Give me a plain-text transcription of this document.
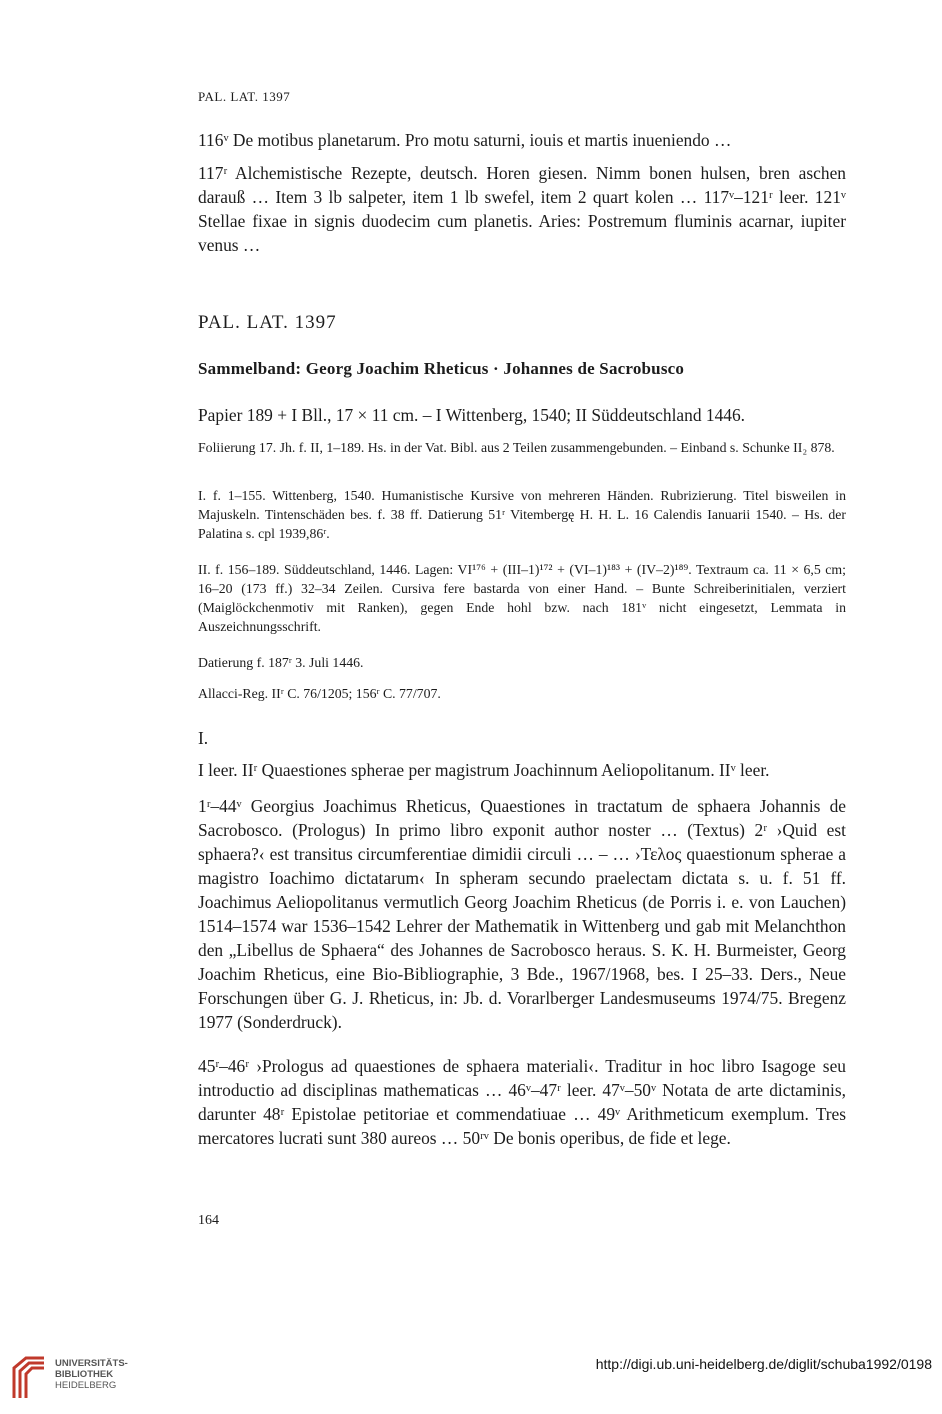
PAL. LAT. 1397
116ᵛ De motibus planetarum. Pro motu saturni, iouis et martis inueniendo …
117ʳ Alchemistische Rezepte, deutsch. Horen giesen. Nimm bonen hulsen, bren aschen darauß … Item 3 lb salpeter, item 1 lb swefel, item 2 quart kolen … 117ᵛ–121ʳ leer. 121ᵛ Stellae fixae in signis duodecim cum planetis. Aries: Postremum fluminis acarnar, iupiter venus …
PAL. LAT. 1397
Sammelband: Georg Joachim Rheticus · Johannes de Sacrobusco
Papier 189 + I Bll., 17 × 11 cm. – I Wittenberg, 1540; II Süddeutschland 1446.
Foliierung 17. Jh. f. II, 1–189. Hs. in der Vat. Bibl. aus 2 Teilen zusammengebunden. – Einband s. Schunke II₂ 878.
I. f. 1–155. Wittenberg, 1540. Humanistische Kursive von mehreren Händen. Rubrizierung. Titel bisweilen in Majuskeln. Tintenschäden bes. f. 38 ff. Datierung 51ʳ Vitembergę H. H. L. 16 Calendis Ianuarii 1540. – Hs. der Palatina s. cpl 1939,86ʳ.
II. f. 156–189. Süddeutschland, 1446. Lagen: VI¹⁷⁶ + (III–1)¹⁷² + (VI–1)¹⁸³ + (IV–2)¹⁸⁹. Textraum ca. 11 × 6,5 cm; 16–20 (173 ff.) 32–34 Zeilen. Cursiva fere bastarda von einer Hand. – Bunte Schreiberinitialen, verziert (Maiglöckchenmotiv mit Ranken), gegen Ende hohl bzw. nach 181ᵛ nicht eingesetzt, Lemmata in Auszeichnungsschrift.
Datierung f. 187ʳ 3. Juli 1446.
Allacci-Reg. IIʳ C. 76/1205; 156ʳ C. 77/707.
I.
I leer. IIʳ Quaestiones spherae per magistrum Joachinnum Aeliopolitanum. IIᵛ leer.
1ʳ–44ᵛ Georgius Joachimus Rheticus, Quaestiones in tractatum de sphaera Johannis de Sacrobosco. (Prologus) In primo libro exponit author noster … (Textus) 2ʳ ›Quid est sphaera?‹ est transitus circumferentiae dimidii circuli … – … ›Τελος quaestionum spherae a magistro Ioachimo dictatarum‹ In spheram secundo praelectam dictata s. u. f. 51 ff. Joachimus Aeliopolitanus vermutlich Georg Joachim Rheticus (de Porris i. e. von Lauchen) 1514–1574 war 1536–1542 Lehrer der Mathematik in Wittenberg und gab mit Melanchthon den „Libellus de Sphaera“ des Johannes de Sacrobosco heraus. S. K. H. Burmeister, Georg Joachim Rheticus, eine Bio-Bibliographie, 3 Bde., 1967/1968, bes. I 25–33. Ders., Neue Forschungen über G. J. Rheticus, in: Jb. d. Vorarlberger Landesmuseums 1974/75. Bregenz 1977 (Sonderdruck).
45ʳ–46ʳ ›Prologus ad quaestiones de sphaera materiali‹. Traditur in hoc libro Isagoge seu introductio ad disciplinas mathematicas … 46ᵛ–47ʳ leer. 47ᵛ–50ᵛ Notata de arte dictaminis, darunter 48ʳ Epistolae petitoriae et commendatiuae … 49ᵛ Arithmeticum exemplum. Tres mercatores lucrati sunt 380 aureos … 50ʳᵛ De bonis operibus, de fide et lege.
164
UNIVERSITÄTS-
BIBLIOTHEK
HEIDELBERG
http://digi.ub.uni-heidelberg.de/diglit/schuba1992/0198
